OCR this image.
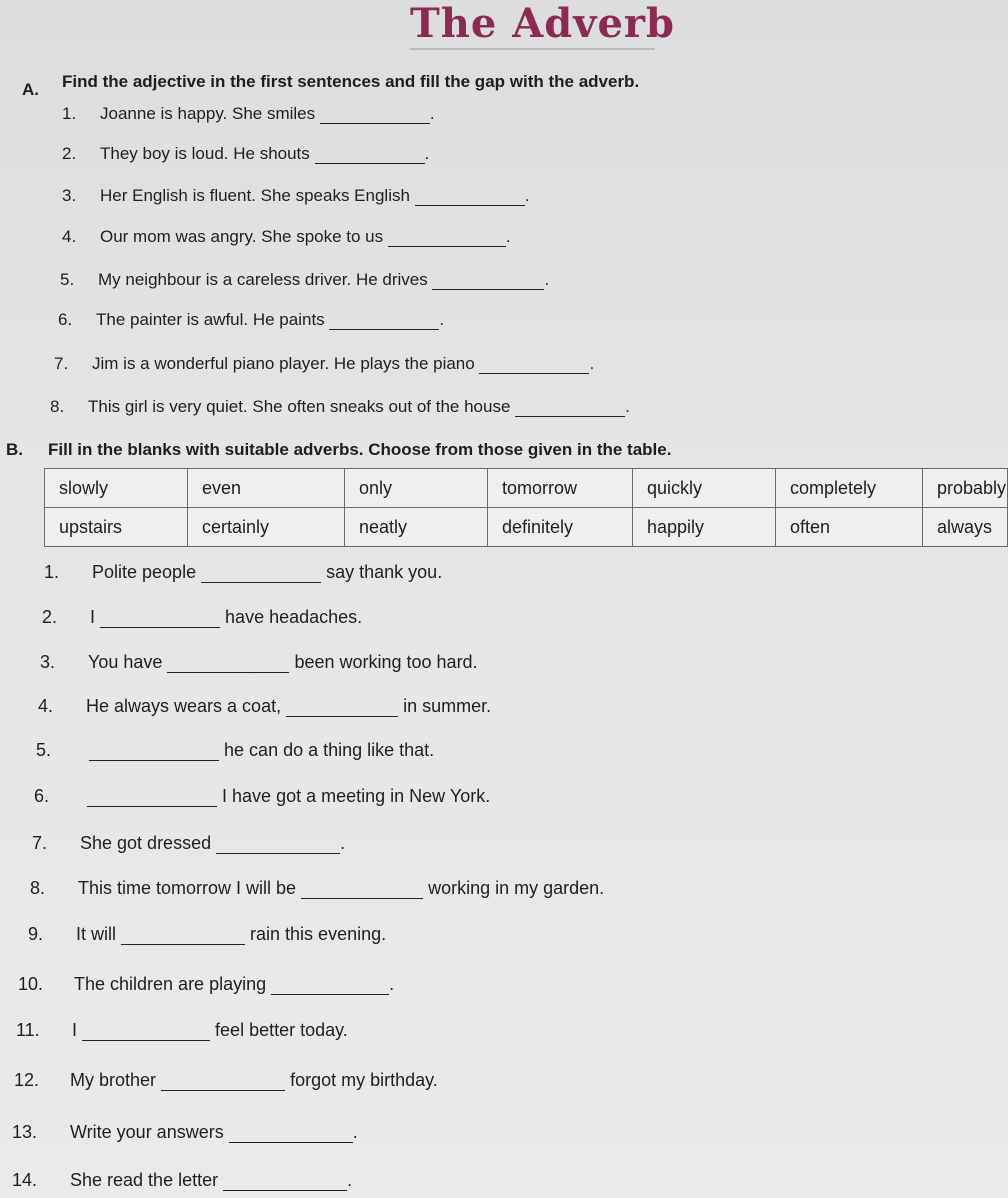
The Adverb
A. Find the adjective in the first sentences and fill the gap with the adverb.
1. Joanne is happy. She smiles	.
2. They boy is loud. He shouts	.
3. Her English is fluent. She speaks English	.
4. Our mom was angry. She spoke to us	.
5. My neighbour is a careless driver. He drives	.
6. The painter is awful. He paints	.
7. Jim is a wonderful piano player. He plays the piano	.
8. This girl is very quiet. She often sneaks out of the house	.
B. Fill in the blanks with suitable adverbs. Choose from those given in the table.
slowly	even	only	tomorrow	quickly	completely	probably
upstairs	certainly	neatly	definitely	happily	often	always
1. Polite people	say thank you.
2. I	have headaches.
3. You have	been working too hard.
4. He always wears a coat,	in summer.
5.	he can do a thing like that.
6.	I have got a meeting in New York.
7. She got dressed	.
8. This time tomorrow I will be	working in my garden.
9. It will	rain this evening.
10. The children are playing	.
11. I	feel better today.
12. My brother	forgot my birthday.
13. Write your answers	.
14. She read the letter	.
